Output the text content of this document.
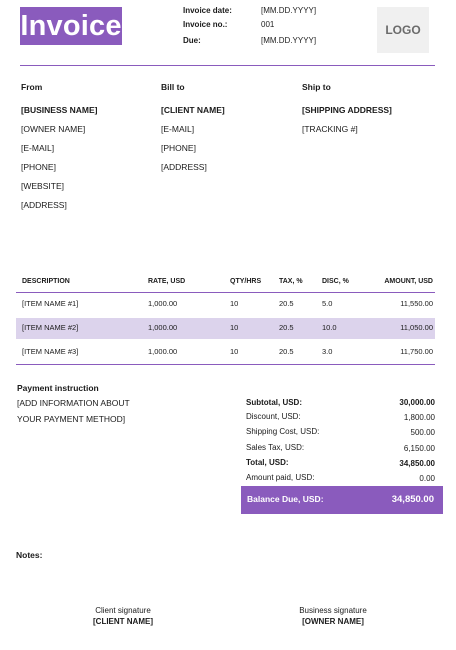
Invoice	Invoice date:	[MM.DD.YYYY]
Invoice no.:	001
Due:	[MM.DD.YYYY]
LOGO
From
[BUSINESS NAME]
[OWNER NAME]
[E-MAIL]
[PHONE]
[WEBSITE]
[ADDRESS]
Bill to
[CLIENT NAME]
[E-MAIL]
[PHONE]
[ADDRESS]
Ship to
[SHIPPING ADDRESS]
[TRACKING #]
DESCRIPTION	RATE, USD	QTY/HRS	TAX, %	DISC, %	AMOUNT, USD
[ITEM NAME #1]	1,000.00	10	20.5	5.0	11,550.00
[ITEM NAME #2]	1,000.00	10	20.5	10.0	11,050.00
[ITEM NAME #3]	1,000.00	10	20.5	3.0	11,750.00
Payment instruction
[ADD INFORMATION ABOUT
YOUR PAYMENT METHOD]
Subtotal, USD:	30,000.00
Discount, USD:	1,800.00
Shipping Cost, USD:	500.00
Sales Tax, USD:	6,150.00
Total, USD:	34,850.00
Amount paid, USD:	0.00
Balance Due, USD:	34,850.00
Notes:
Client signature
[CLIENT NAME]
Business signature
[OWNER NAME]
